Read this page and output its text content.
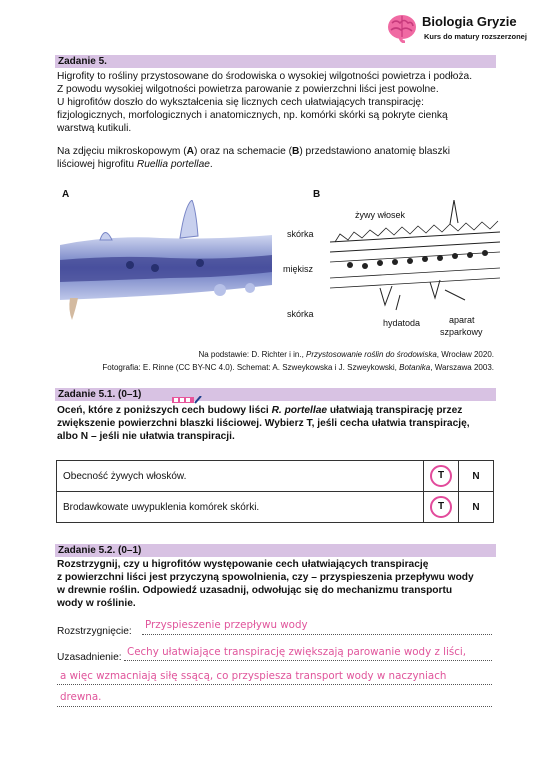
Biologia Gryzie
Kurs do matury rozszerzonej
Zadanie 5.
Higrofity to rośliny przystosowane do środowiska o wysokiej wilgotności powietrza i podłoża.
Z powodu wysokiej wilgotności powietrza parowanie z powierzchni liści jest powolne.
U higrofitów doszło do wykształcenia się licznych cech ułatwiających transpirację:
fizjologicznych, morfologicznych i anatomicznych, np. komórki skórki są pokryte cienką
warstwą kutikuli.
Na zdjęciu mikroskopowym (A) oraz na schemacie (B) przedstawiono anatomię blaszki
liściowej higrofitu Ruellia portellae.
A
skórka
miękisz
skórka
B
żywy włosek
hydatoda	aparat
szparkowy
Na podstawie: D. Richter i in., Przystosowanie roślin do środowiska, Wrocław 2020.
Fotografia: E. Rinne (CC BY-NC 4.0). Schemat: A. Szweykowska i J. Szweykowski, Botanika, Warszawa 2003.
Zadanie 5.1. (0–1)
Oceń, które z poniższych cech budowy liści R. portellae ułatwiają transpirację przez
zwiększenie powierzchni blaszki liściowej. Wybierz T, jeśli cecha ułatwia transpirację,
albo N – jeśli nie ułatwia transpiracji.
Obecność żywych włosków.	T	N
Brodawkowate uwypuklenia komórek skórki.	T	N
Zadanie 5.2. (0–1)
Rozstrzygnij, czy u higrofitów występowanie cech ułatwiających transpirację
z powierzchni liści jest przyczyną spowolnienia, czy – przyspieszenia przepływu wody
w drewnie roślin. Odpowiedź uzasadnij, odwołując się do mechanizmu transportu
wody w roślinie.
Rozstrzygnięcie:
Przyspieszenie przepływu wody
Uzasadnienie: Cechy ułatwiające transpirację zwiększają parowanie wody z liści,
a więc wzmacniają siłę ssącą, co przyspiesza transport wody w naczyniach
drewna.
